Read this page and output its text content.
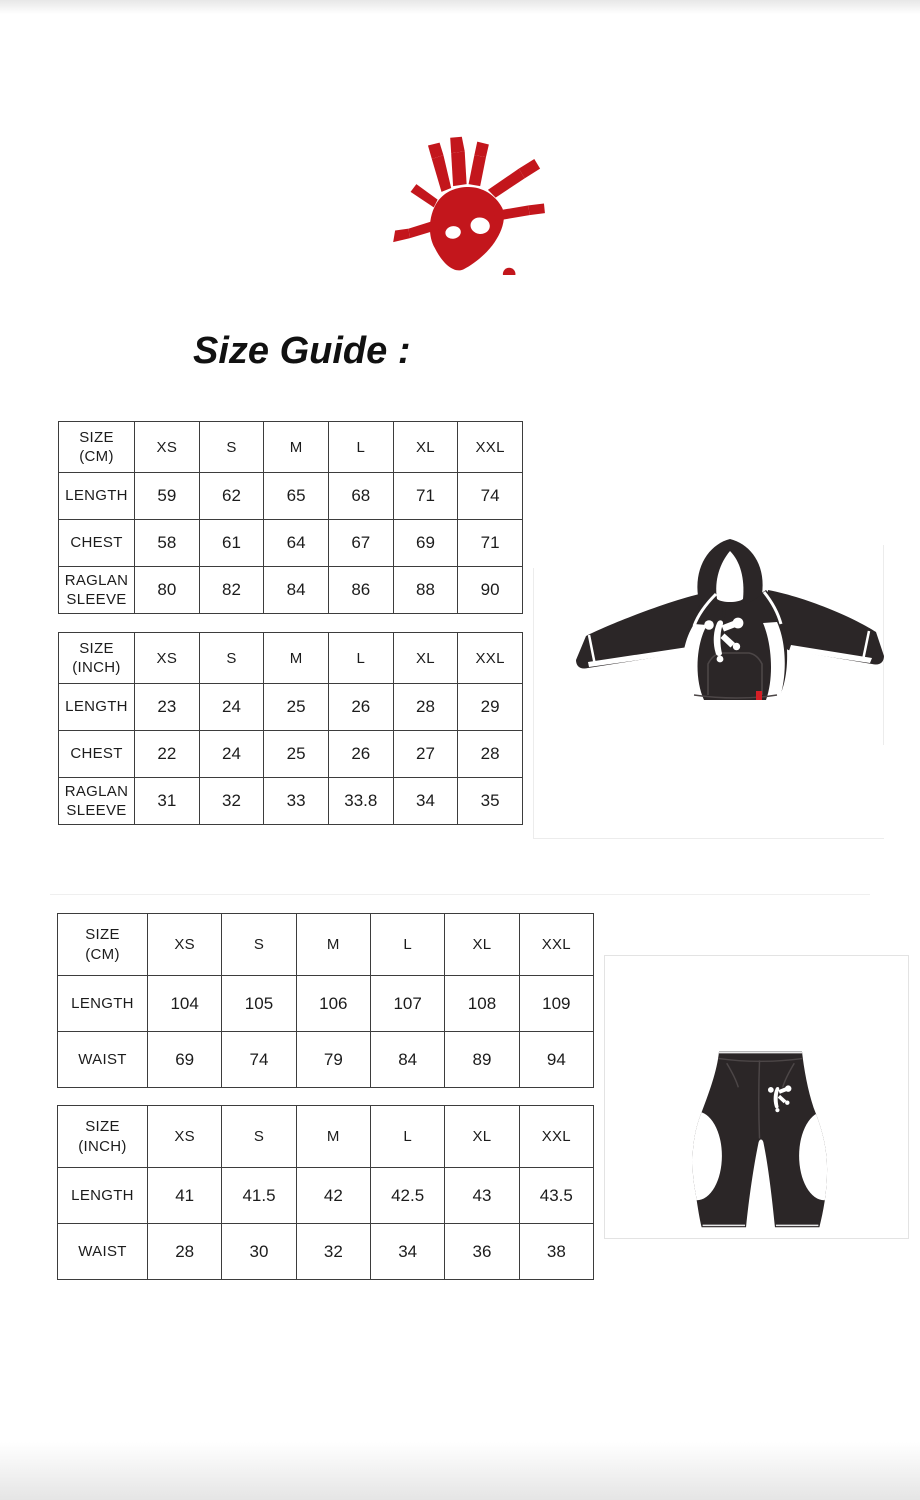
Size Guide :
SIZE
(CM)	XS	S	M	L	XL	XXL
LENGTH	59	62	65	68	71	74
CHEST	58	61	64	67	69	71
RAGLAN SLEEVE	80	82	84	86	88	90
SIZE
(INCH)	XS	S	M	L	XL	XXL
LENGTH	23	24	25	26	28	29
CHEST	22	24	25	26	27	28
RAGLAN SLEEVE	31	32	33	33.8	34	35
SIZE
(CM)	XS	S	M	L	XL	XXL
LENGTH	104	105	106	107	108	109
WAIST	69	74	79	84	89	94
SIZE
(INCH)	XS	S	M	L	XL	XXL
LENGTH	41	41.5	42	42.5	43	43.5
WAIST	28	30	32	34	36	38
